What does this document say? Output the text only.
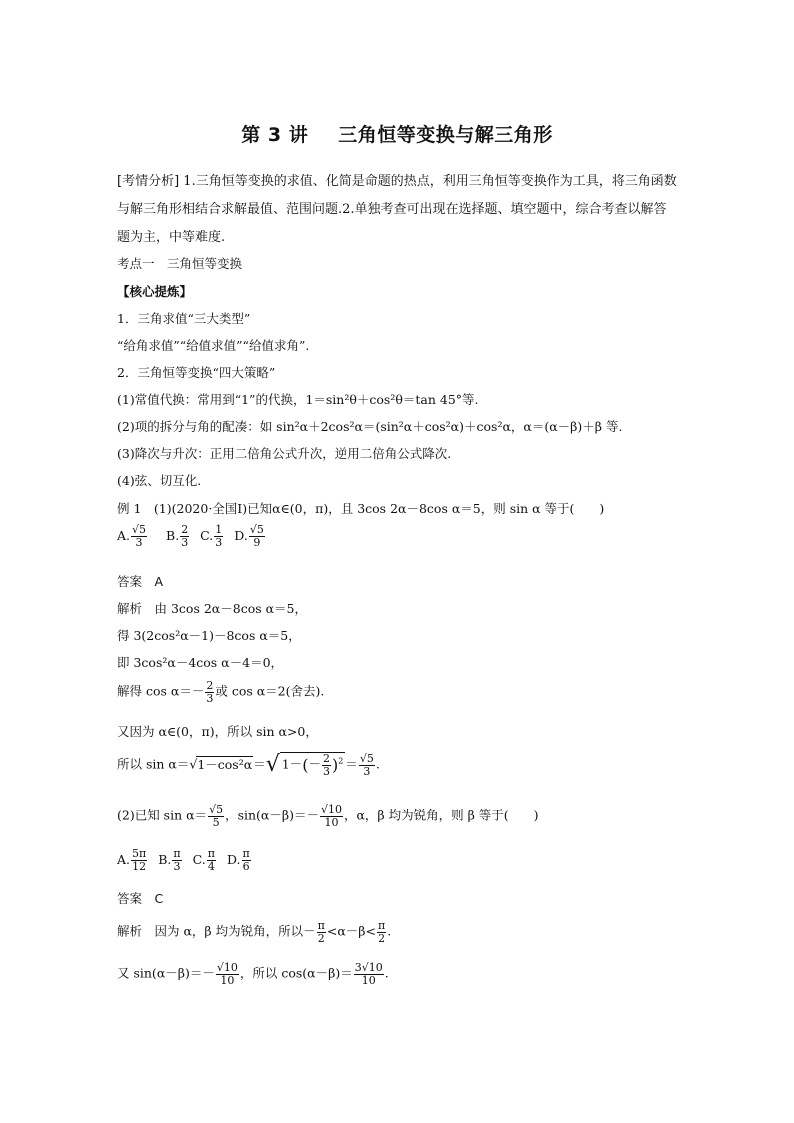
第 3 讲 三角恒等变换与解三角形
[考情分析] 1.三角恒等变换的求值、化简是命题的热点，利用三角恒等变换作为工具，将三角函数与解三角形相结合求解最值、范围问题.2.单独考查可出现在选择题、填空题中，综合考查以解答题为主，中等难度.
考点一　三角恒等变换
【核心提炼】
1．三角求值“三大类型”
“给角求值”“给值求值”“给值求角”.
2．三角恒等变换“四大策略”
(1)常值代换：常用到“1”的代换，1＝sin²θ＋cos²θ＝tan 45°等.
(2)项的拆分与角的配凑：如 sin²α＋2cos²α＝(sin²α＋cos²α)＋cos²α，α＝(α－β)＋β 等.
(3)降次与升次：正用二倍角公式升次，逆用二倍角公式降次.
(4)弦、切互化.
例 1　(1)(2020·全国Ⅰ)已知α∈(0，π)，且 3cos 2α－8cos α＝5，则 sin α 等于(　　)
A. $\frac{√5}{3} B$. $\frac{2}{3} C$. $\frac{1}{3} D$. $\frac{√5}{9}$
答案　A
解析　由 3cos 2α－8cos α＝5，
得 3(2cos²α－1)－8cos α＝5，
即 3cos²α－4cos α－4＝0，
解得 $\cos \alpha=- \frac{2}{3}$ 或 cos α＝2(舍去).
又因为 α∈(0，π)，所以 sin α>0，
所以 sin α＝√1－cos²α＝√ $1-(- \frac{2}{3} )^2 = \frac{√5}{3}$ .
(2)已知 $\sin \alpha= \frac{√5}{5}$ ，$\sin(\alpha-\beta)=- \frac{√10}{10}$ ，α，β 均为锐角，则 β 等于(　　)
A. $\frac{5\pi}{12} B$. $\frac{\pi}{3} C$. $\frac{\pi}{4} D$. $\frac{\pi}{6}$
答案　C
解析　因为 α，β 均为锐角，所以－ $\frac{\pi}{2} <\alpha-\beta< \frac{\pi}{2}$ .
又 $\sin(\alpha-\beta)=- \frac{√10}{10}$ ，所以 $\cos(\alpha-\beta)= \frac{3√10}{10}$ .
